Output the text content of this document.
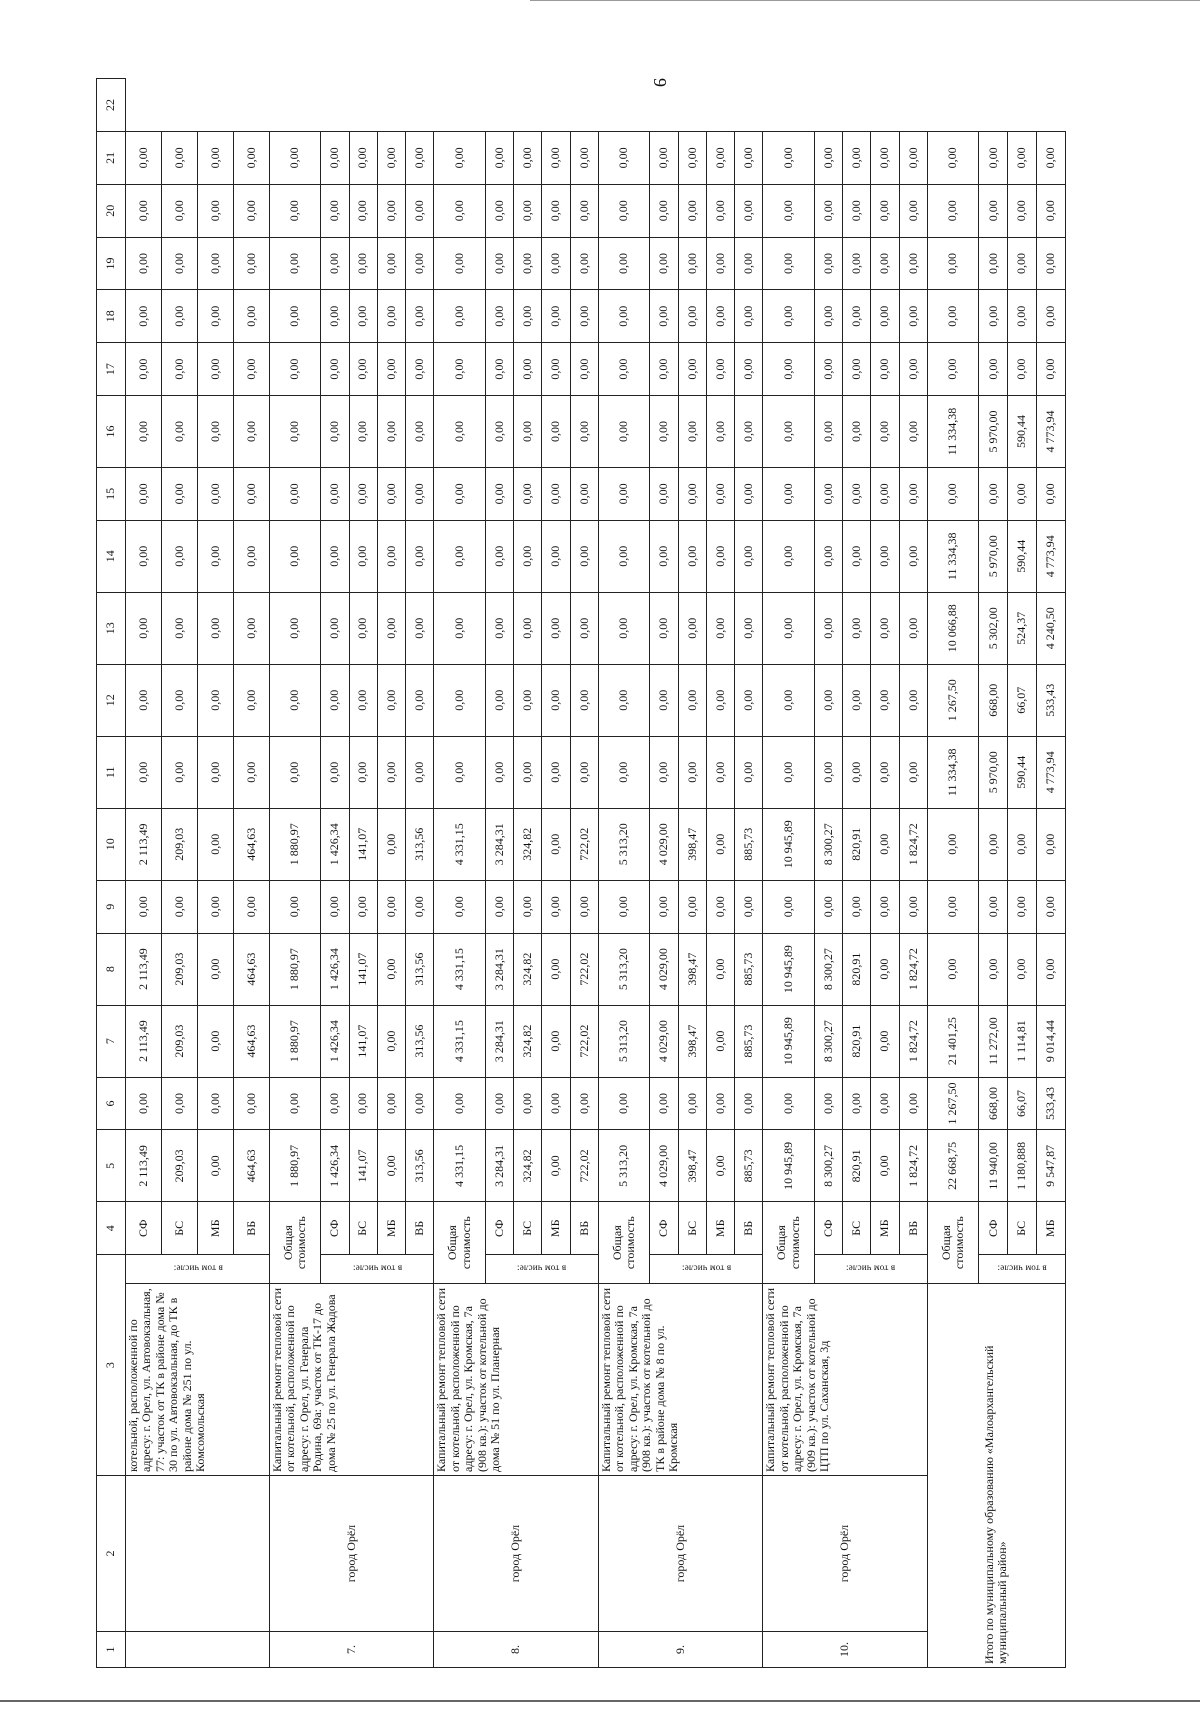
9
1	2	3		4	5	6	7	8	9	10	11	12	13	14	15	16	17	18	19	20	21	22
		котельной, расположенной по адресу: г. Орел, ул. Автовокзальная, 77: участок от ТК в районе дома № 30 по ул. Автовокзальная, до ТК в районе дома № 251 по ул. Комсомольская	в том числе:	СФ	2 113,49	0,00	2 113,49	2 113,49	0,00	2 113,49	0,00	0,00	0,00	0,00	0,00	0,00	0,00	0,00	0,00	0,00	0,00	
				БС	209,03	0,00	209,03	209,03	0,00	209,03	0,00	0,00	0,00	0,00	0,00	0,00	0,00	0,00	0,00	0,00	0,00	
				МБ	0,00	0,00	0,00	0,00	0,00	0,00	0,00	0,00	0,00	0,00	0,00	0,00	0,00	0,00	0,00	0,00	0,00	
				ВБ	464,63	0,00	464,63	464,63	0,00	464,63	0,00	0,00	0,00	0,00	0,00	0,00	0,00	0,00	0,00	0,00	0,00	
7.	город Орёл	Капитальный ремонт тепловой сети от котельной, расположенной по адресу: г. Орел, ул. Генерала Родина, 69а: участок от ТК-17 до дома № 25 по ул. Генерала Жадова	Общая стоимость		1 880,97	0,00	1 880,97	1 880,97	0,00	1 880,97	0,00	0,00	0,00	0,00	0,00	0,00	0,00	0,00	0,00	0,00	0,00	
			в том числе:	СФ	1 426,34	0,00	1 426,34	1 426,34	0,00	1 426,34	0,00	0,00	0,00	0,00	0,00	0,00	0,00	0,00	0,00	0,00	0,00	
				БС	141,07	0,00	141,07	141,07	0,00	141,07	0,00	0,00	0,00	0,00	0,00	0,00	0,00	0,00	0,00	0,00	0,00	
				МБ	0,00	0,00	0,00	0,00	0,00	0,00	0,00	0,00	0,00	0,00	0,00	0,00	0,00	0,00	0,00	0,00	0,00	
				ВБ	313,56	0,00	313,56	313,56	0,00	313,56	0,00	0,00	0,00	0,00	0,00	0,00	0,00	0,00	0,00	0,00	0,00	
8.	город Орёл	Капитальный ремонт тепловой сети от котельной, расположенной по адресу: г. Орел, ул. Кромская, 7а (908 кв.): участок от котельной до дома № 51 по ул. Планерная	Общая стоимость		4 331,15	0,00	4 331,15	4 331,15	0,00	4 331,15	0,00	0,00	0,00	0,00	0,00	0,00	0,00	0,00	0,00	0,00	0,00	
			в том числе:	СФ	3 284,31	0,00	3 284,31	3 284,31	0,00	3 284,31	0,00	0,00	0,00	0,00	0,00	0,00	0,00	0,00	0,00	0,00	0,00	
				БС	324,82	0,00	324,82	324,82	0,00	324,82	0,00	0,00	0,00	0,00	0,00	0,00	0,00	0,00	0,00	0,00	0,00	
				МБ	0,00	0,00	0,00	0,00	0,00	0,00	0,00	0,00	0,00	0,00	0,00	0,00	0,00	0,00	0,00	0,00	0,00	
				ВБ	722,02	0,00	722,02	722,02	0,00	722,02	0,00	0,00	0,00	0,00	0,00	0,00	0,00	0,00	0,00	0,00	0,00	
9.	город Орёл	Капитальный ремонт тепловой сети от котельной, расположенной по адресу: г. Орел, ул. Кромская, 7а (908 кв.): участок от котельной до ТК в районе дома № 8 по ул. Кромская	Общая стоимость		5 313,20	0,00	5 313,20	5 313,20	0,00	5 313,20	0,00	0,00	0,00	0,00	0,00	0,00	0,00	0,00	0,00	0,00	0,00	
			в том числе:	СФ	4 029,00	0,00	4 029,00	4 029,00	0,00	4 029,00	0,00	0,00	0,00	0,00	0,00	0,00	0,00	0,00	0,00	0,00	0,00	
				БС	398,47	0,00	398,47	398,47	0,00	398,47	0,00	0,00	0,00	0,00	0,00	0,00	0,00	0,00	0,00	0,00	0,00	
				МБ	0,00	0,00	0,00	0,00	0,00	0,00	0,00	0,00	0,00	0,00	0,00	0,00	0,00	0,00	0,00	0,00	0,00	
				ВБ	885,73	0,00	885,73	885,73	0,00	885,73	0,00	0,00	0,00	0,00	0,00	0,00	0,00	0,00	0,00	0,00	0,00	
10.	город Орёл	Капитальный ремонт тепловой сети от котельной, расположенной по адресу: г. Орел, ул. Кромская, 7а (909 кв.): участок от котельной до ЦТП по ул. Саханская, 3д	Общая стоимость		10 945,89	0,00	10 945,89	10 945,89	0,00	10 945,89	0,00	0,00	0,00	0,00	0,00	0,00	0,00	0,00	0,00	0,00	0,00	
			в том числе:	СФ	8 300,27	0,00	8 300,27	8 300,27	0,00	8 300,27	0,00	0,00	0,00	0,00	0,00	0,00	0,00	0,00	0,00	0,00	0,00	
				БС	820,91	0,00	820,91	820,91	0,00	820,91	0,00	0,00	0,00	0,00	0,00	0,00	0,00	0,00	0,00	0,00	0,00	
				МБ	0,00	0,00	0,00	0,00	0,00	0,00	0,00	0,00	0,00	0,00	0,00	0,00	0,00	0,00	0,00	0,00	0,00	
				ВБ	1 824,72	0,00	1 824,72	1 824,72	0,00	1 824,72	0,00	0,00	0,00	0,00	0,00	0,00	0,00	0,00	0,00	0,00	0,00	
Итого по муниципальному образованию «Малоархангельский муниципальный район»			Общая стоимость		22 668,75	1 267,50	21 401,25	0,00	0,00	0,00	11 334,38	1 267,50	10 066,88	11 334,38	0,00	11 334,38	0,00	0,00	0,00	0,00	0,00	
			в том числе:	СФ	11 940,00	668,00	11 272,00	0,00	0,00	0,00	5 970,00	668,00	5 302,00	5 970,00	0,00	5 970,00	0,00	0,00	0,00	0,00	0,00	
				БС	1 180,888	66,07	1 114,81	0,00	0,00	0,00	590,44	66,07	524,37	590,44	0,00	590,44	0,00	0,00	0,00	0,00	0,00	
				МБ	9 547,87	533,43	9 014,44	0,00	0,00	0,00	4 773,94	533,43	4 240,50	4 773,94	0,00	4 773,94	0,00	0,00	0,00	0,00	0,00	
